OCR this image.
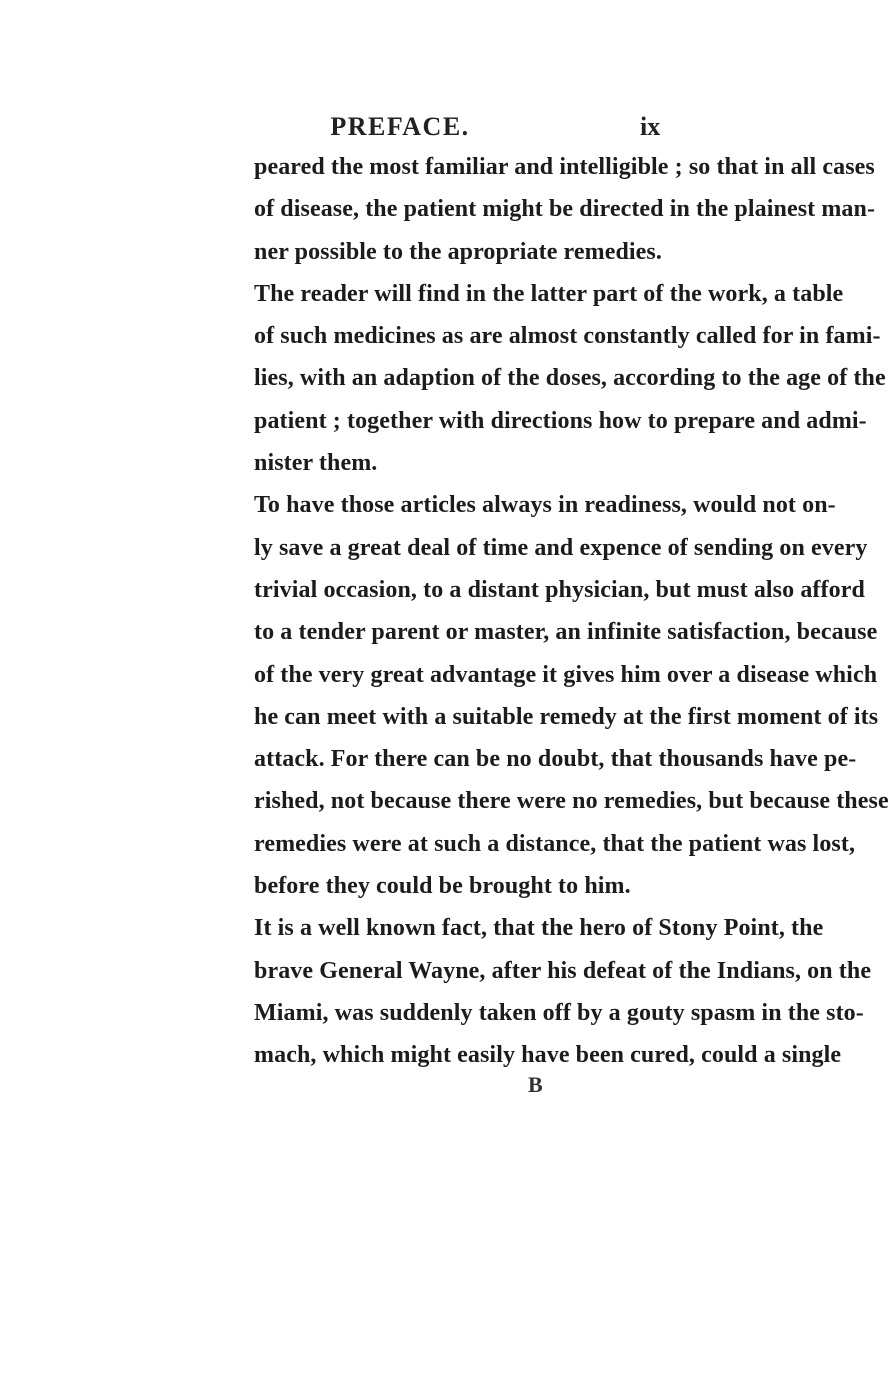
PREFACE.	ix
peared the most familiar and intelligible ; so that in all cases
of disease, the patient might be directed in the plainest man-
ner possible to the apropriate remedies.
The reader will find in the latter part of the work, a table
of such medicines as are almost constantly called for in fami-
lies, with an adaption of the doses, according to the age of the
patient ; together with directions how to prepare and admi-
nister them.
To have those articles always in readiness, would not on-
ly save a great deal of time and expence of sending on every
trivial occasion, to a distant physician, but must also afford
to a tender parent or master, an infinite satisfaction, because
of the very great advantage it gives him over a disease which
he can meet with a suitable remedy at the first moment of its
attack. For there can be no doubt, that thousands have pe-
rished, not because there were no remedies, but because these
remedies were at such a distance, that the patient was lost,
before they could be brought to him.
It is a well known fact, that the hero of Stony Point, the
brave General Wayne, after his defeat of the Indians, on the
Miami, was suddenly taken off by a gouty spasm in the sto-
mach, which might easily have been cured, could a single
B
